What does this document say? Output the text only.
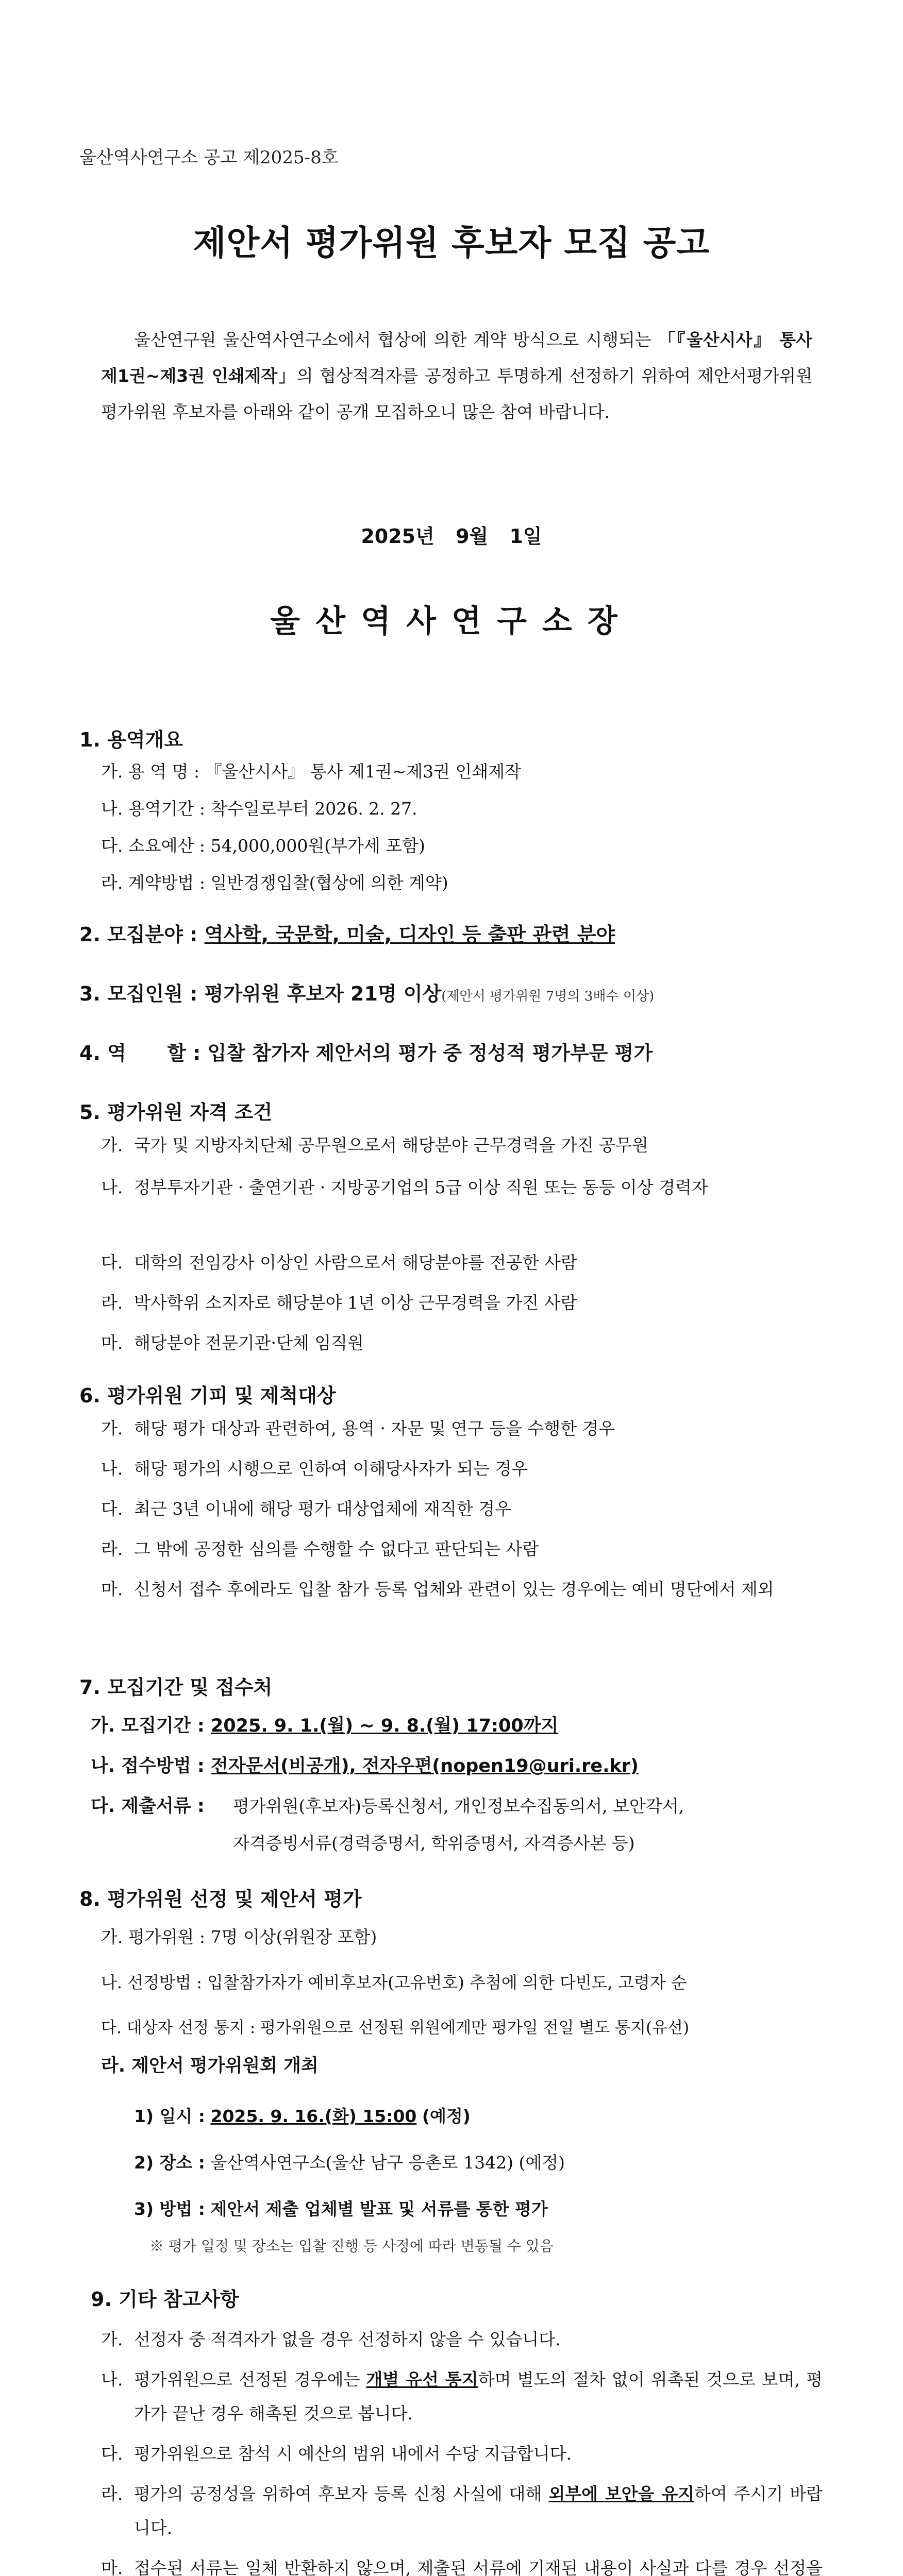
울산역사연구소 공고 제2025-8호
제안서 평가위원 후보자 모집 공고
울산연구원 울산역사연구소에서 협상에 의한 계약 방식으로 시행되는 「『울산시사』 통사 제1권~제3권 인쇄제작」의 협상적격자를 공정하고 투명하게 선정하기 위하여 제안서평가위원 평가위원 후보자를 아래와 같이 공개 모집하오니 많은 참여 바랍니다.
2025년 9월 1일
울산역사연구소장
1. 용역개요
가. 용 역 명 : 『울산시사』 통사 제1권~제3권 인쇄제작
나. 용역기간 : 착수일로부터 2026. 2. 27.
다. 소요예산 : 54,000,000원(부가세 포함)
라. 계약방법 : 일반경쟁입찰(협상에 의한 계약)
2. 모집분야 : 역사학, 국문학, 미술, 디자인 등 출판 관련 분야
3. 모집인원 : 평가위원 후보자 21명 이상(제안서 평가위원 7명의 3배수 이상)
4. 역      할 : 입찰 참가자 제안서의 평가 중 정성적 평가부문 평가
5. 평가위원 자격 조건
가. 국가 및 지방자치단체 공무원으로서 해당분야 근무경력을 가진 공무원
나. 정부투자기관 · 출연기관 · 지방공기업의 5급 이상 직원 또는 동등 이상 경력자
다. 대학의 전임강사 이상인 사람으로서 해당분야를 전공한 사람
라. 박사학위 소지자로 해당분야 1년 이상 근무경력을 가진 사람
마. 해당분야 전문기관·단체 임직원
6. 평가위원 기피 및 제척대상
가. 해당 평가 대상과 관련하여, 용역 · 자문 및 연구 등을 수행한 경우
나. 해당 평가의 시행으로 인하여 이해당사자가 되는 경우
다. 최근 3년 이내에 해당 평가 대상업체에 재직한 경우
라. 그 밖에 공정한 심의를 수행할 수 없다고 판단되는 사람
마. 신청서 접수 후에라도 입찰 참가 등록 업체와 관련이 있는 경우에는 예비 명단에서 제외
7. 모집기간 및 접수처
가. 모집기간 : 2025. 9. 1.(월) ~ 9. 8.(월) 17:00까지
나. 접수방법 : 전자문서(비공개), 전자우편(nopen19@uri.re.kr)
다. 제출서류 : 평가위원(후보자)등록신청서, 개인정보수집동의서, 보안각서,
자격증빙서류(경력증명서, 학위증명서, 자격증사본 등)
8. 평가위원 선정 및 제안서 평가
가. 평가위원 : 7명 이상(위원장 포함)
나. 선정방법 : 입찰참가자가 예비후보자(고유번호) 추첨에 의한 다빈도, 고령자 순
다. 대상자 선정 통지 : 평가위원으로 선정된 위원에게만 평가일 전일 별도 통지(유선)
라. 제안서 평가위원회 개최
1) 일시 : 2025. 9. 16.(화) 15:00 (예정)
2) 장소 : 울산역사연구소(울산 남구 응촌로 1342) (예정)
3) 방법 : 제안서 제출 업체별 발표 및 서류를 통한 평가
※ 평가 일정 및 장소는 입찰 진행 등 사정에 따라 변동될 수 있음
9. 기타 참고사항
가. 선정자 중 적격자가 없을 경우 선정하지 않을 수 있습니다.
나. 평가위원으로 선정된 경우에는 개별 유선 통지하며 별도의 절차 없이 위촉된 것으로 보며, 평가가 끝난 경우 해촉된 것으로 봅니다.
다. 평가위원으로 참석 시 예산의 범위 내에서 수당 지급합니다.
라. 평가의 공정성을 위하여 후보자 등록 신청 사실에 대해 외부에 보안을 유지하여 주시기 바랍니다.
마. 접수된 서류는 일체 반환하지 않으며, 제출된 서류에 기재된 내용이 사실과 다를 경우 선정을
